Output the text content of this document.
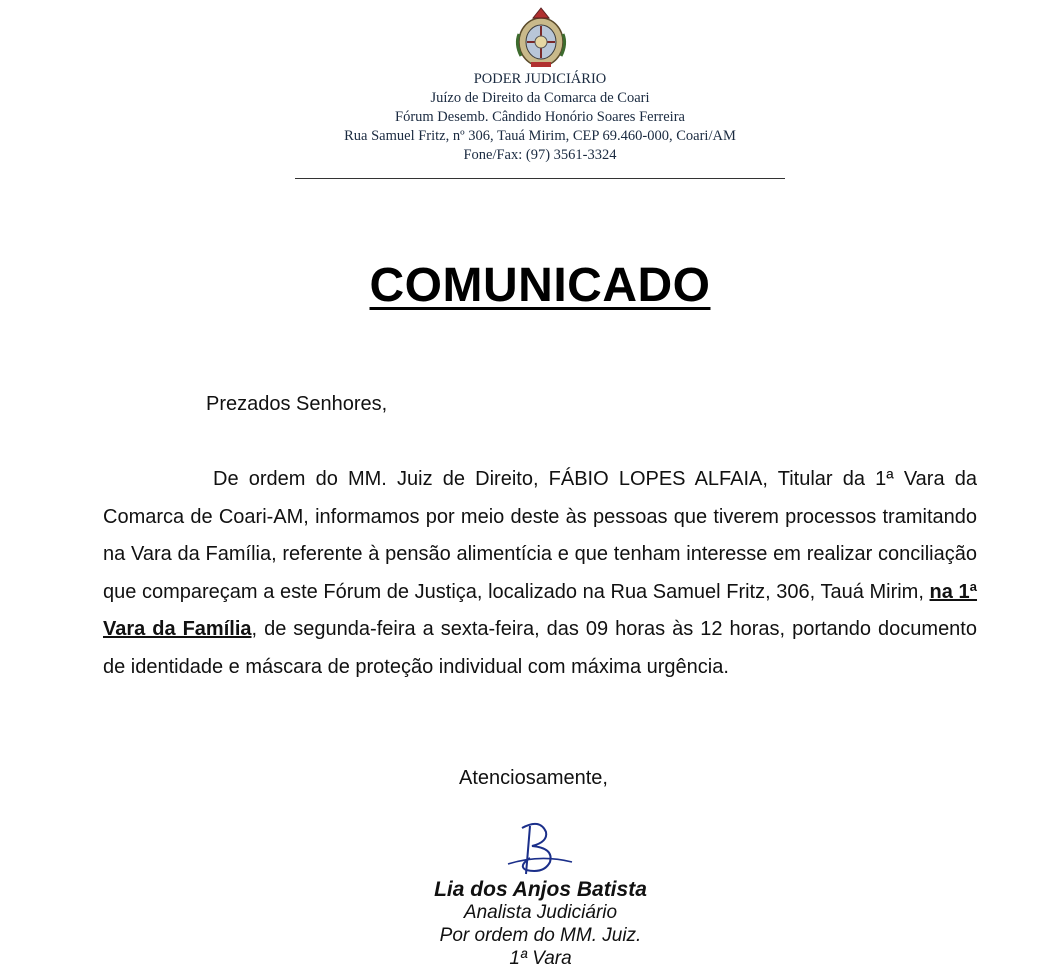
PODER JUDICIÁRIO
Juízo de Direito da Comarca de Coari
Fórum Desemb. Cândido Honório Soares Ferreira
Rua Samuel Fritz, nº 306, Tauá Mirim, CEP 69.460-000, Coari/AM
Fone/Fax: (97) 3561-3324
COMUNICADO
Prezados Senhores,
De ordem do MM. Juiz de Direito, FÁBIO LOPES ALFAIA, Titular da 1ª Vara da Comarca de Coari-AM, informamos por meio deste às pessoas que tiverem processos tramitando na Vara da Família, referente à pensão alimentícia e que tenham interesse em realizar conciliação que compareçam a este Fórum de Justiça, localizado na Rua Samuel Fritz, 306, Tauá Mirim, na 1ª Vara da Família, de segunda-feira a sexta-feira, das 09 horas às 12 horas, portando documento de identidade e máscara de proteção individual com máxima urgência.
Atenciosamente,
Lia dos Anjos Batista
Analista Judiciário
Por ordem do MM. Juiz.
1ª Vara
